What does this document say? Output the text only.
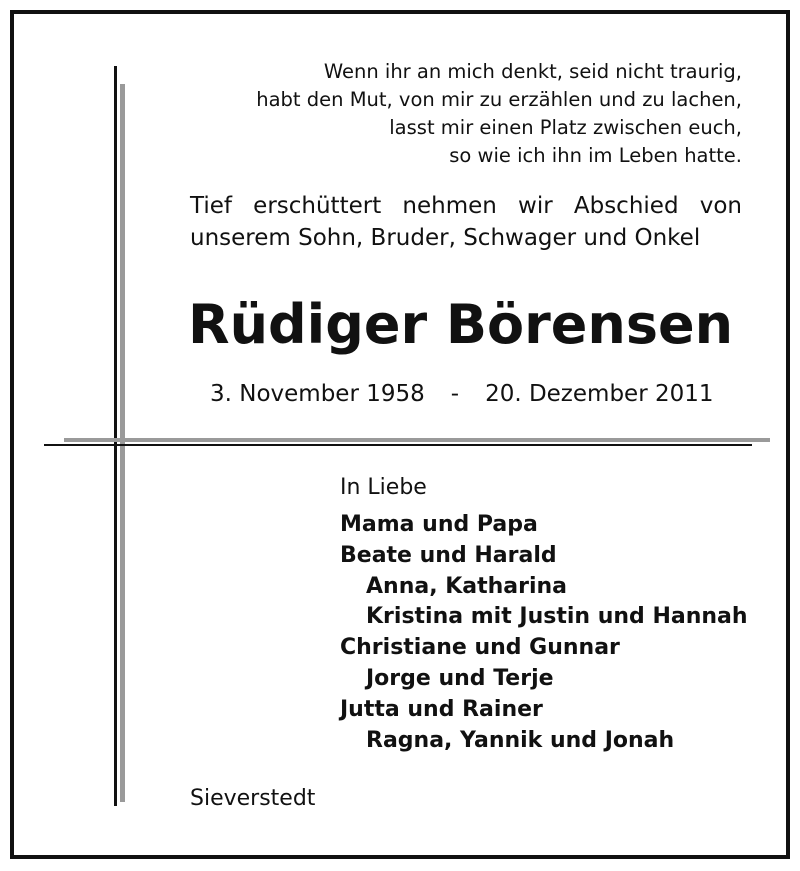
Wenn ihr an mich denkt, seid nicht traurig,
habt den Mut, von mir zu erzählen und zu lachen,
lasst mir einen Platz zwischen euch,
so wie ich ihn im Leben hatte.
Tief erschüttert nehmen wir Abschied von
unserem Sohn, Bruder, Schwager und Onkel
Rüdiger Börensen
3. November 1958 - 20. Dezember 2011
In Liebe
Mama und Papa
Beate und Harald
Anna, Katharina
Kristina mit Justin und Hannah
Christiane und Gunnar
Jorge und Terje
Jutta und Rainer
Ragna, Yannik und Jonah
Sieverstedt
